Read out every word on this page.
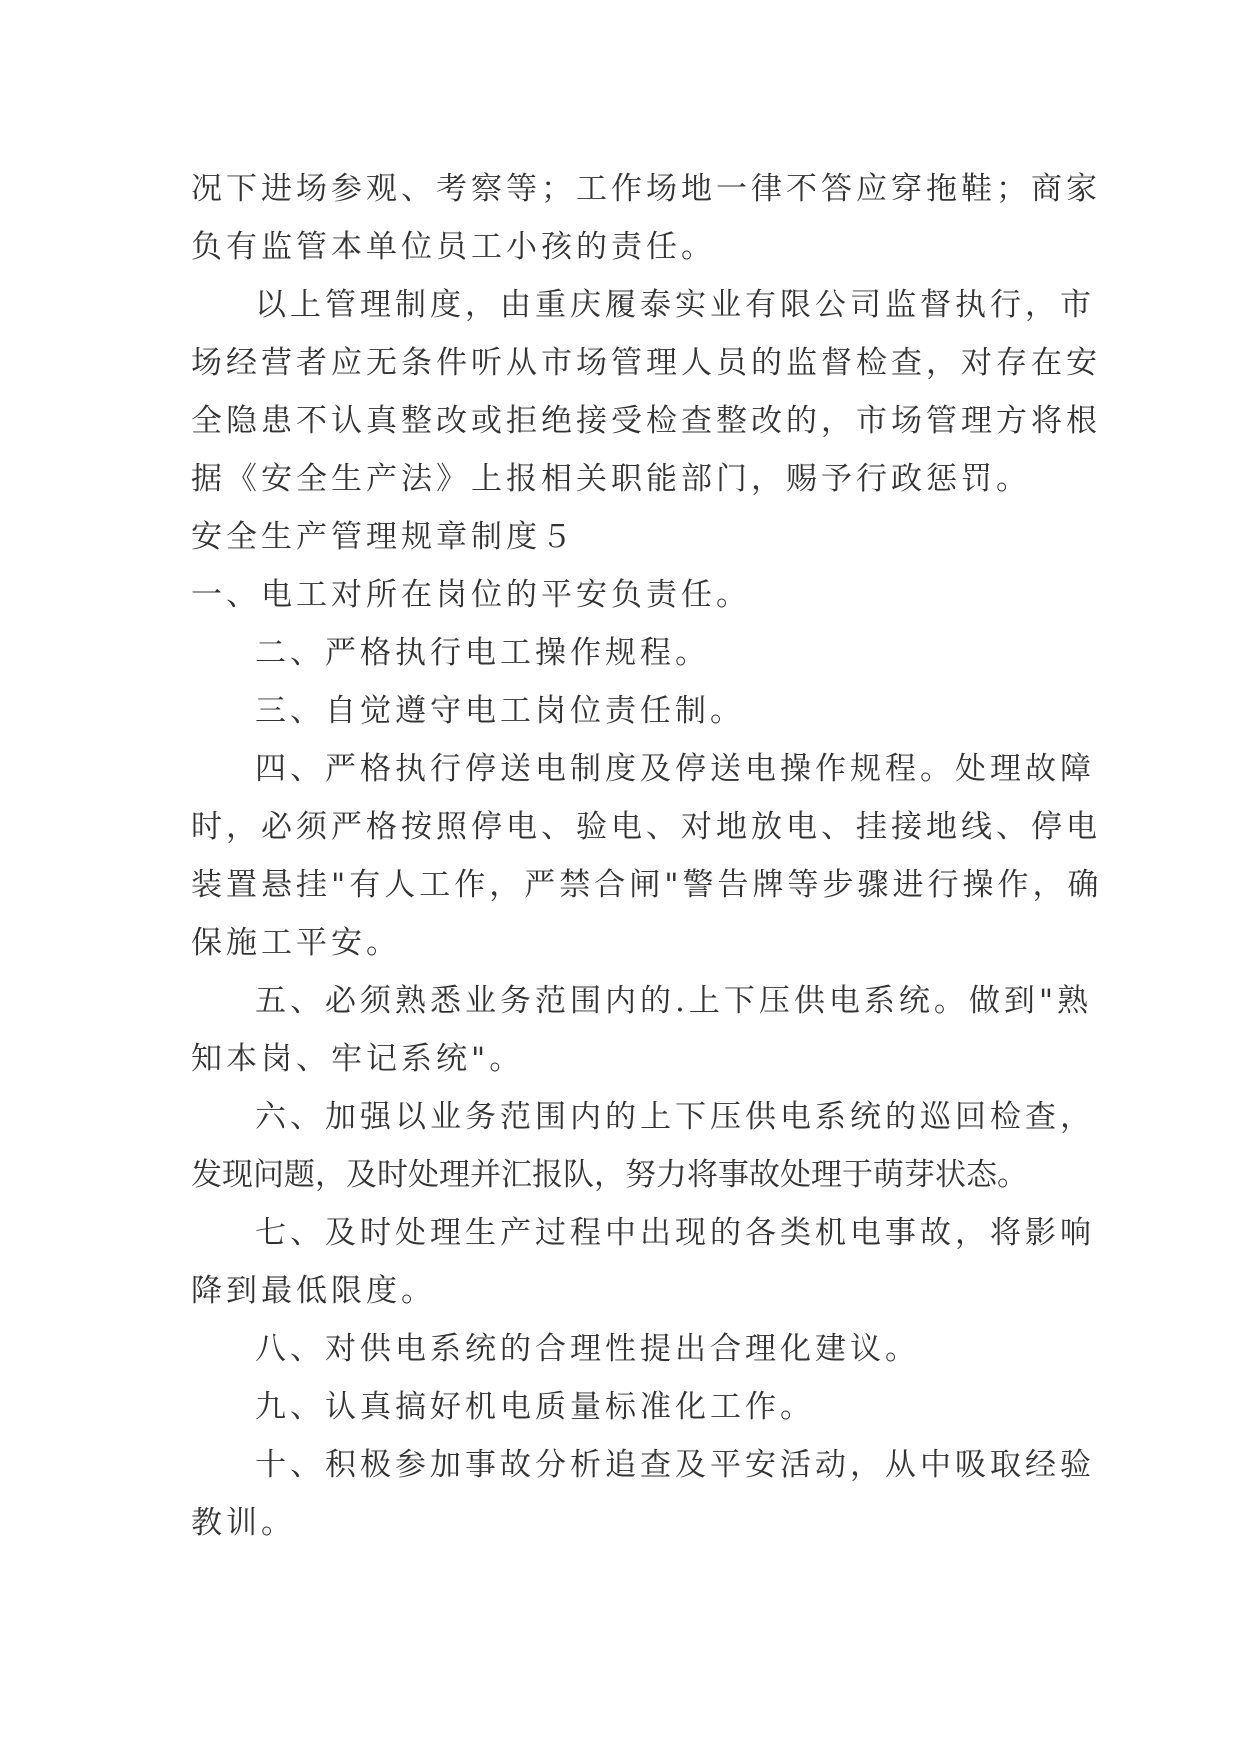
况下进场参观、考察等；工作场地一律不答应穿拖鞋；商家
负有监管本单位员工小孩的责任。
以上管理制度，由重庆履泰实业有限公司监督执行，市
场经营者应无条件听从市场管理人员的监督检查，对存在安
全隐患不认真整改或拒绝接受检查整改的，市场管理方将根
据《安全生产法》上报相关职能部门，赐予行政惩罚。
安全生产管理规章制度５
一、电工对所在岗位的平安负责任。
二、严格执行电工操作规程。
三、自觉遵守电工岗位责任制。
四、严格执行停送电制度及停送电操作规程。处理故障
时，必须严格按照停电、验电、对地放电、挂接地线、停电
装置悬挂"有人工作，严禁合闸"警告牌等步骤进行操作，确
保施工平安。
五、必须熟悉业务范围内的.上下压供电系统。做到"熟
知本岗、牢记系统"。
六、加强以业务范围内的上下压供电系统的巡回检查，
发现问题，及时处理并汇报队，努力将事故处理于萌芽状态。
七、及时处理生产过程中出现的各类机电事故，将影响
降到最低限度。
八、对供电系统的合理性提出合理化建议。
九、认真搞好机电质量标准化工作。
十、积极参加事故分析追查及平安活动，从中吸取经验
教训。
